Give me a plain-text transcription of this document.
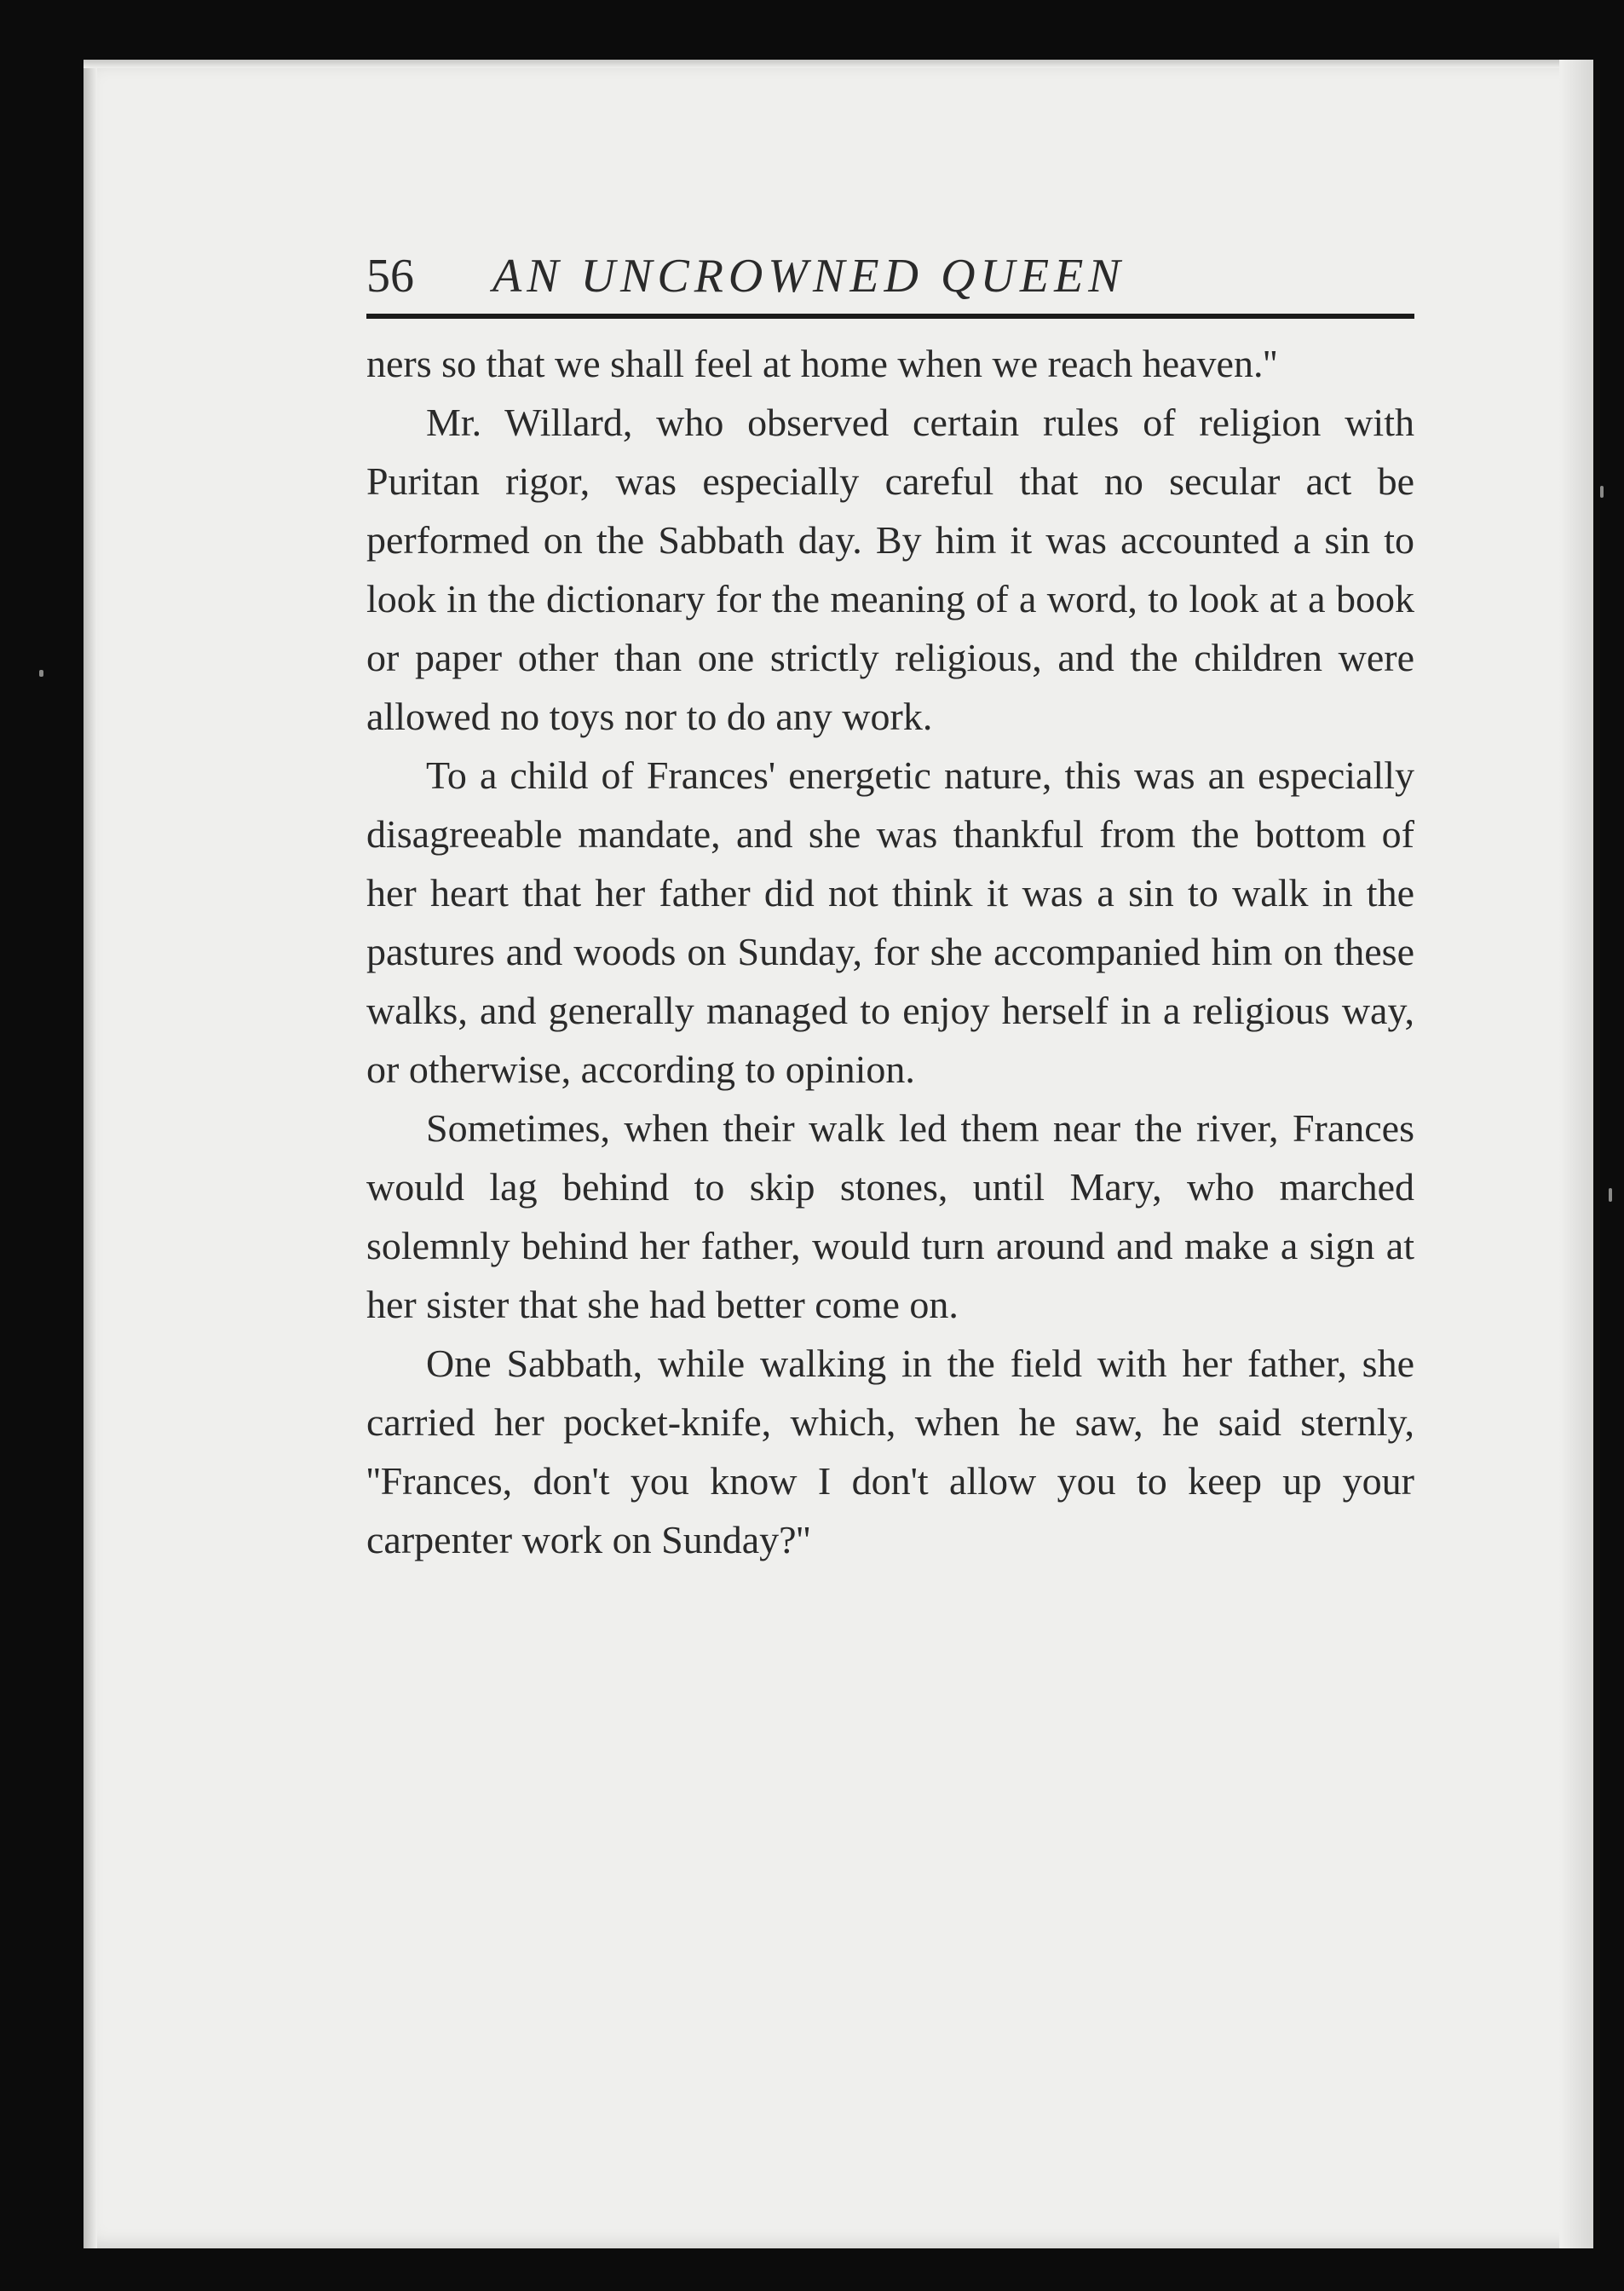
56 AN UNCROWNED QUEEN

ners so that we shall feel at home when we reach heaven.''

Mr. Willard, who observed certain rules of religion with Puritan rigor, was especially careful that no secular act be performed on the Sabbath day. By him it was accounted a sin to look in the dictionary for the meaning of a word, to look at a book or paper other than one strictly religious, and the children were allowed no toys nor to do any work.

To a child of Frances' energetic nature, this was an especially disagreeable mandate, and she was thankful from the bottom of her heart that her father did not think it was a sin to walk in the pastures and woods on Sunday, for she accompanied him on these walks, and generally managed to enjoy herself in a religious way, or otherwise, according to opinion.

Sometimes, when their walk led them near the river, Frances would lag behind to skip stones, until Mary, who marched solemnly behind her father, would turn around and make a sign at her sister that she had better come on.

One Sabbath, while walking in the field with her father, she carried her pocket-knife, which, when he saw, he said sternly, ''Frances, don't you know I don't allow you to keep up your carpenter work on Sunday?''
